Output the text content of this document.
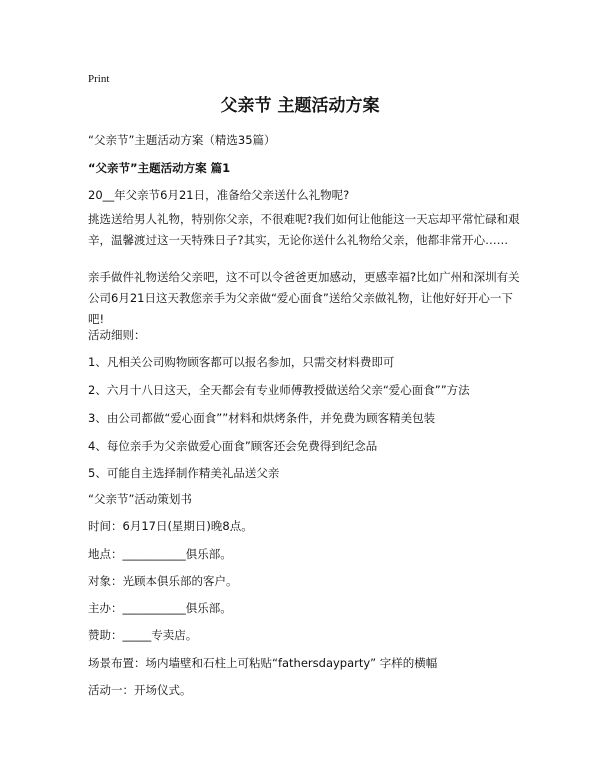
Print
父亲节 主题活动方案
“父亲节”主题活动方案（精选35篇）
“父亲节”主题活动方案 篇1
20__年父亲节6月21日，准备给父亲送什么礼物呢?
挑选送给男人礼物，特别你父亲，不很难呢?我们如何让他能这一天忘却平常忙碌和艰辛，温馨渡过这一天特殊日子?其实，无论你送什么礼物给父亲，他都非常开心……
亲手做件礼物送给父亲吧，这不可以令爸爸更加感动，更感幸福?比如广州和深圳有关公司6月21日这天教您亲手为父亲做“爱心面食”送给父亲做礼物，让他好好开心一下吧!
活动细则：
1、凡相关公司购物顾客都可以报名参加，只需交材料费即可
2、六月十八日这天，全天都会有专业师傅教授做送给父亲“爱心面食””方法
3、由公司都做“爱心面食””材料和烘烤条件，并免费为顾客精美包装
4、每位亲手为父亲做爱心面食”顾客还会免费得到纪念品
5、可能自主选择制作精美礼品送父亲
“父亲节”活动策划书
时间：6月17日(星期日)晚8点。
地点：___________俱乐部。
对象：光顾本俱乐部的客户。
主办：___________俱乐部。
赞助：_____专卖店。
场景布置：场内墙壁和石柱上可粘贴“fathersdayparty” 字样的横幅
活动一：开场仪式。
